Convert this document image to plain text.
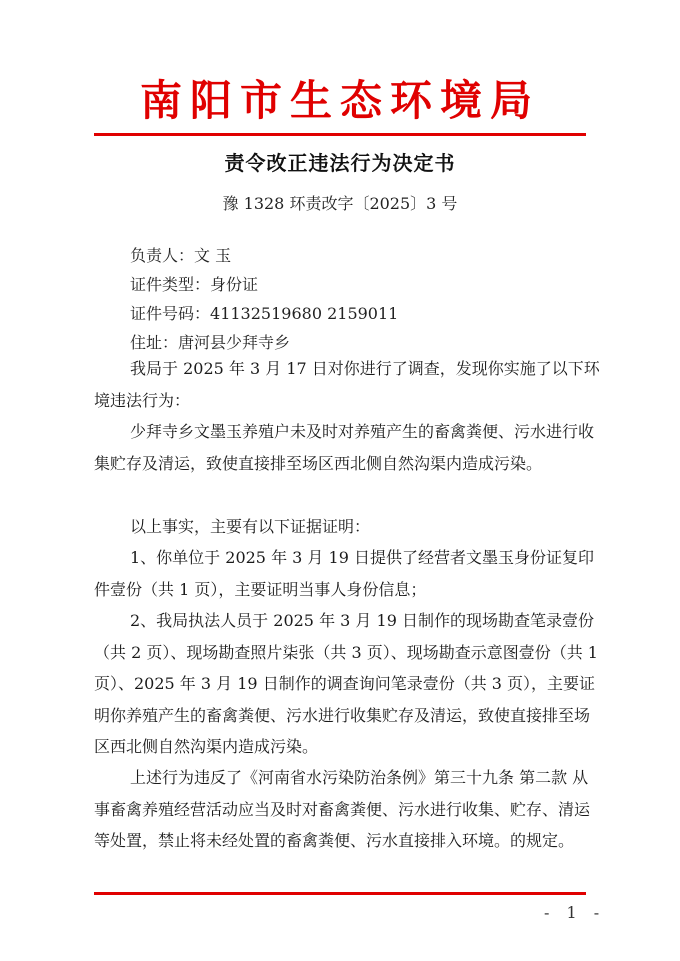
南阳市生态环境局
责令改正违法行为决定书
豫 1328 环责改字〔2025〕3 号
负责人：文 玉
证件类型：身份证
证件号码：41132519680 2159011
住址：唐河县少拜寺乡
我局于 2025 年 3 月 17 日对你进行了调查，发现你实施了以下环境违法行为：
少拜寺乡文墨玉养殖户未及时对养殖产生的畜禽粪便、污水进行收集贮存及清运，致使直接排至场区西北侧自然沟渠内造成污染。
以上事实，主要有以下证据证明：
1、你单位于 2025 年 3 月 19 日提供了经营者文墨玉身份证复印件壹份（共 1 页），主要证明当事人身份信息；
2、我局执法人员于 2025 年 3 月 19 日制作的现场勘查笔录壹份（共 2 页）、现场勘查照片柒张（共 3 页）、现场勘查示意图壹份（共 1 页）、2025 年 3 月 19 日制作的调查询问笔录壹份（共 3 页），主要证明你养殖产生的畜禽粪便、污水进行收集贮存及清运，致使直接排至场区西北侧自然沟渠内造成污染。
上述行为违反了《河南省水污染防治条例》第三十九条 第二款 从事畜禽养殖经营活动应当及时对畜禽粪便、污水进行收集、贮存、清运等处置，禁止将未经处置的畜禽粪便、污水直接排入环境。的规定。
- 1 -
